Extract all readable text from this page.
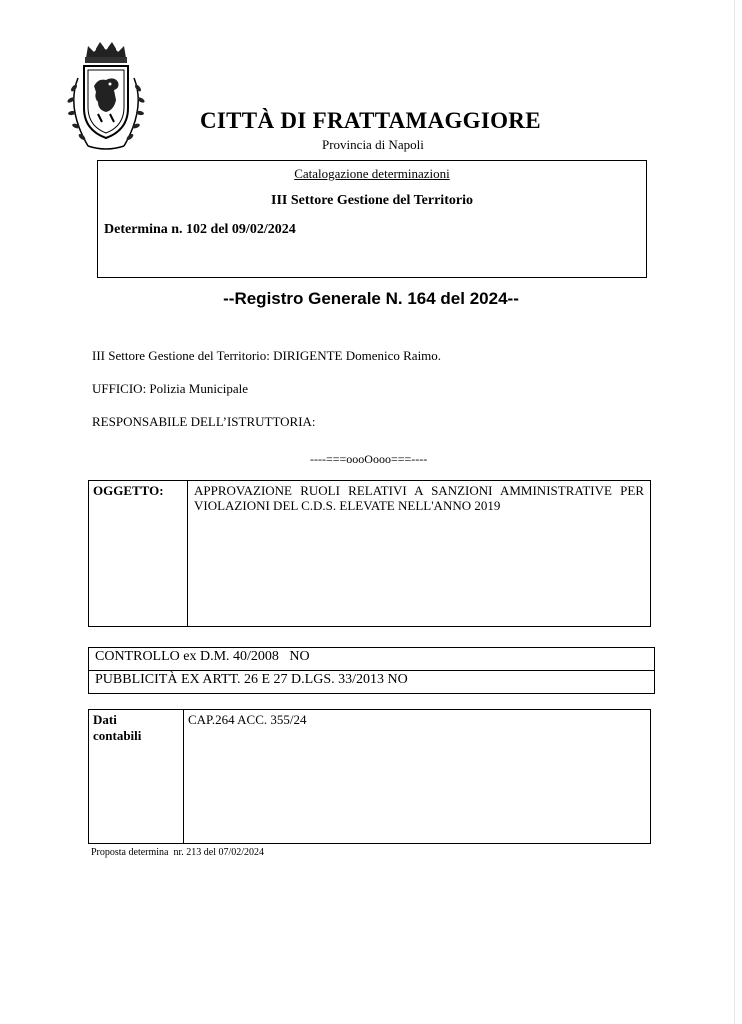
CITTÀ DI FRATTAMAGGIORE
Provincia di Napoli
Catalogazione determinazioni
III Settore Gestione del Territorio
Determina n. 102 del 09/02/2024
--Registro Generale N. 164 del 2024--
III Settore Gestione del Territorio: DIRIGENTE Domenico Raimo.
UFFICIO: Polizia Municipale
RESPONSABILE DELL’ISTRUTTORIA:
----===oooOooo===----
OGGETTO:	APPROVAZIONE RUOLI RELATIVI A SANZIONI AMMINISTRATIVE PER VIOLAZIONI DEL C.D.S. ELEVATE NELL'ANNO 2019
CONTROLLO ex D.M. 40/2008   NO
PUBBLICITÀ EX ARTT. 26 E 27 D.LGS. 33/2013 NO
Dati
contabili	CAP.264 ACC. 355/24
Proposta determina  nr. 213 del 07/02/2024
